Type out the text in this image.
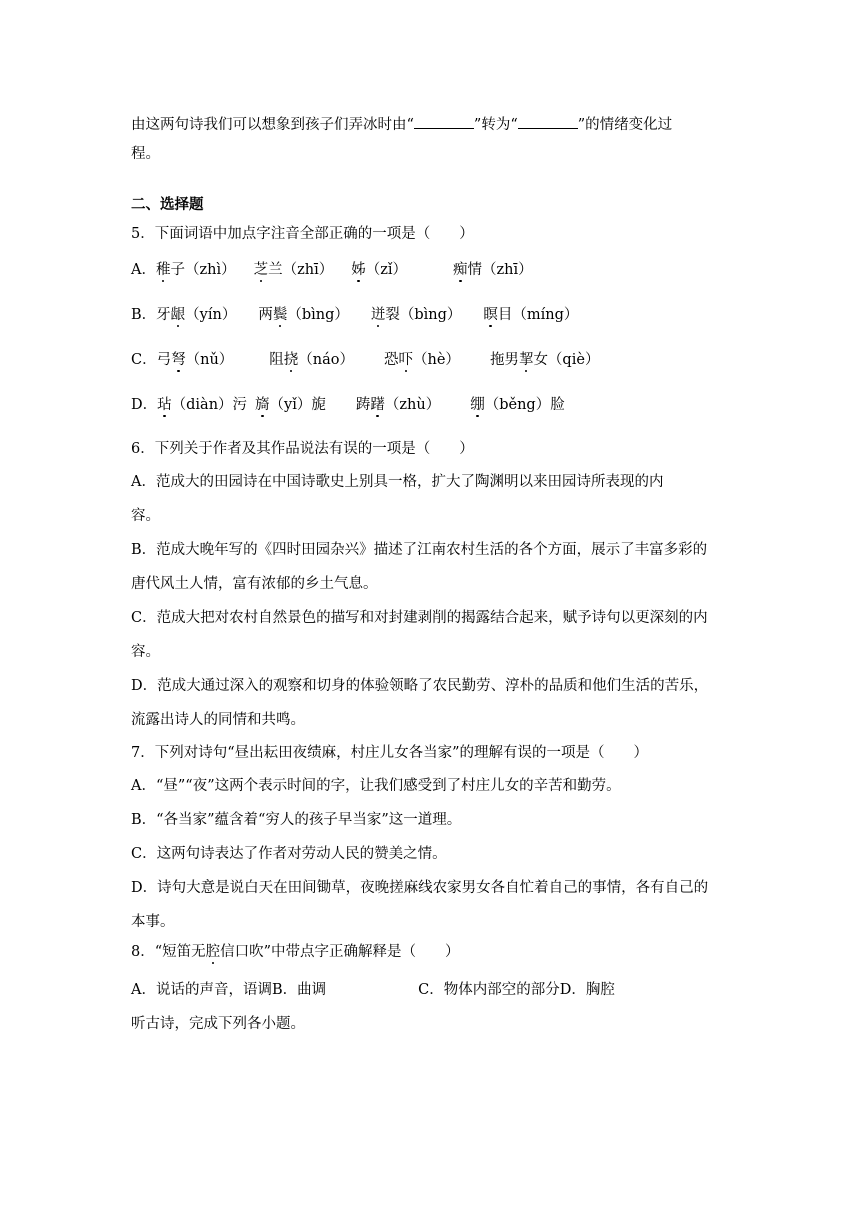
由这两句诗我们可以想象到孩子们弄冰时由“	”转为“	”的情绪变化过
程。
二、选择题
5．下面词语中加点字注音全部正确的一项是（　　）
A．稚子（zhì） 芝兰（zhī） 姊（zǐ）	痴情（zhī）
B．牙龈（yín） 两鬓（bìng） 迸裂（bìng） 瞑目（míng）
C．弓弩（nǔ） 阻挠（náo） 恐吓（hè） 拖男挈女（qiè）
D．玷（diàn）污 旖（yǐ）旎 踌躇（zhù） 绷（běng）脸
6．下列关于作者及其作品说法有误的一项是（　　）
A．范成大的田园诗在中国诗歌史上别具一格，扩大了陶渊明以来田园诗所表现的内
容。
B．范成大晚年写的《四时田园杂兴》描述了江南农村生活的各个方面，展示了丰富多彩的
唐代风土人情，富有浓郁的乡土气息。
C．范成大把对农村自然景色的描写和对封建剥削的揭露结合起来，赋予诗句以更深刻的内
容。
D．范成大通过深入的观察和切身的体验领略了农民勤劳、淳朴的品质和他们生活的苦乐，
流露出诗人的同情和共鸣。
7．下列对诗句“昼出耘田夜绩麻，村庄儿女各当家”的理解有误的一项是（　　）
A．“昼”“夜”这两个表示时间的字，让我们感受到了村庄儿女的辛苦和勤劳。
B．“各当家”蕴含着“穷人的孩子早当家”这一道理。
C．这两句诗表达了作者对劳动人民的赞美之情。
D．诗句大意是说白天在田间锄草，夜晚搓麻线农家男女各自忙着自己的事情，各有自己的
本事。
8．“短笛无腔信口吹”中带点字正确解释是（　　）
A．说话的声音，语调B．曲调	C．物体内部空的部分D．胸腔
听古诗，完成下列各小题。
